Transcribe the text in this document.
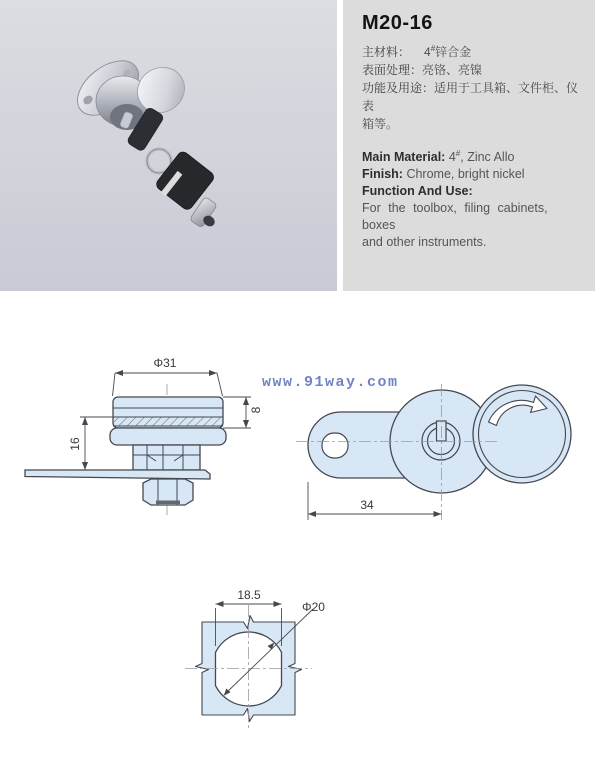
M20-16

主材料： 4#锌合金

表面处理：亮铬、亮镍

功能及用途：适用于工具箱、文件柜、仪表
箱等。

Main Material: 4#, Zinc Allo

Finish: Chrome, bright nickel

Function And Use:

For the toolbox, filing cabinets, boxes

and other instruments.

www.91way.com
Φ31
16
8
34
18.5
Φ20
